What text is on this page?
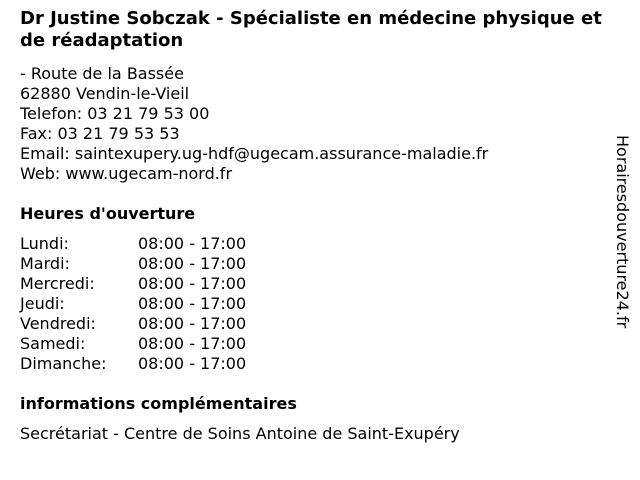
Dr Justine Sobczak - Spécialiste en médecine physique et de réadaptation
- Route de la Bassée
62880 Vendin-le-Vieil
Telefon: 03 21 79 53 00
Fax: 03 21 79 53 53
Email: saintexupery.ug-hdf@ugecam.assurance-maladie.fr
Web: www.ugecam-nord.fr
Heures d'ouverture
Lundi:	08:00 - 17:00
Mardi:	08:00 - 17:00
Mercredi:	08:00 - 17:00
Jeudi:	08:00 - 17:00
Vendredi:	08:00 - 17:00
Samedi:	08:00 - 17:00
Dimanche:	08:00 - 17:00
informations complémentaires
Secrétariat - Centre de Soins Antoine de Saint-Exupéry
Horairesdouverture24.fr
